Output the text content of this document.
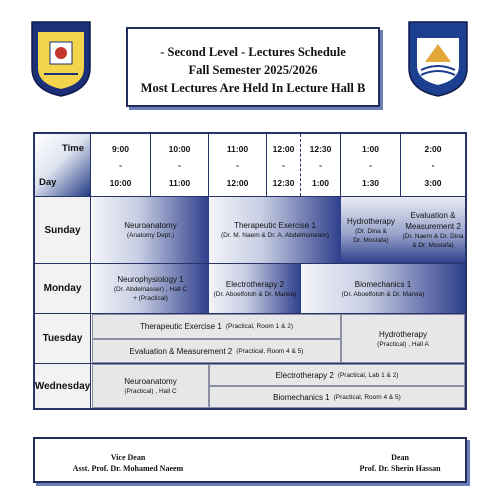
- Second Level - Lectures Schedule
Fall Semester 2025/2026
Most Lectures Are Held In Lecture Hall B
Time
Day
9:00
-
10:00
10:00
-
11:00
11:00
-
12:00
12:00
-
12:30
12:30
-
1:00
1:00
-
1:30
2:00
-
3:00
Sunday
Monday
Tuesday
Wednesday
Neuroanatomy
(Anatomy Dept.)
Therapeutic Exercise 1
(Dr. M. Naem & Dr. A. Abdelmoneam)
Hydrotherapy
(Dr. Dina &
Dr. Mostafa)
Evaluation &
Measurement 2
(Dr. Naem & Dr. Dina
& Dr. Mostafa)
Neurophysiology 1
(Dr. Abdelnasser) , Hall C
+ (Practical)
Electrotherapy 2
(Dr. Aboelfotoh & Dr. Marwa)
Biomechanics 1
(Dr. Aboelfotoh & Dr. Marwa)
Therapeutic Exercise 1 (Practical, Room 1 & 2)
Evaluation & Measurement 2 (Practical, Room 4 & 5)
Hydrotherapy
(Practical) , Hall A
Neuroanatomy
(Practical) , Hall C
Electrotherapy 2 (Practical, Lab 1 & 2)
Biomechanics 1 (Practical, Room 4 & 5)
Vice Dean
Asst. Prof. Dr. Mohamed Naeem
Dean
Prof. Dr. Sherin Hassan
